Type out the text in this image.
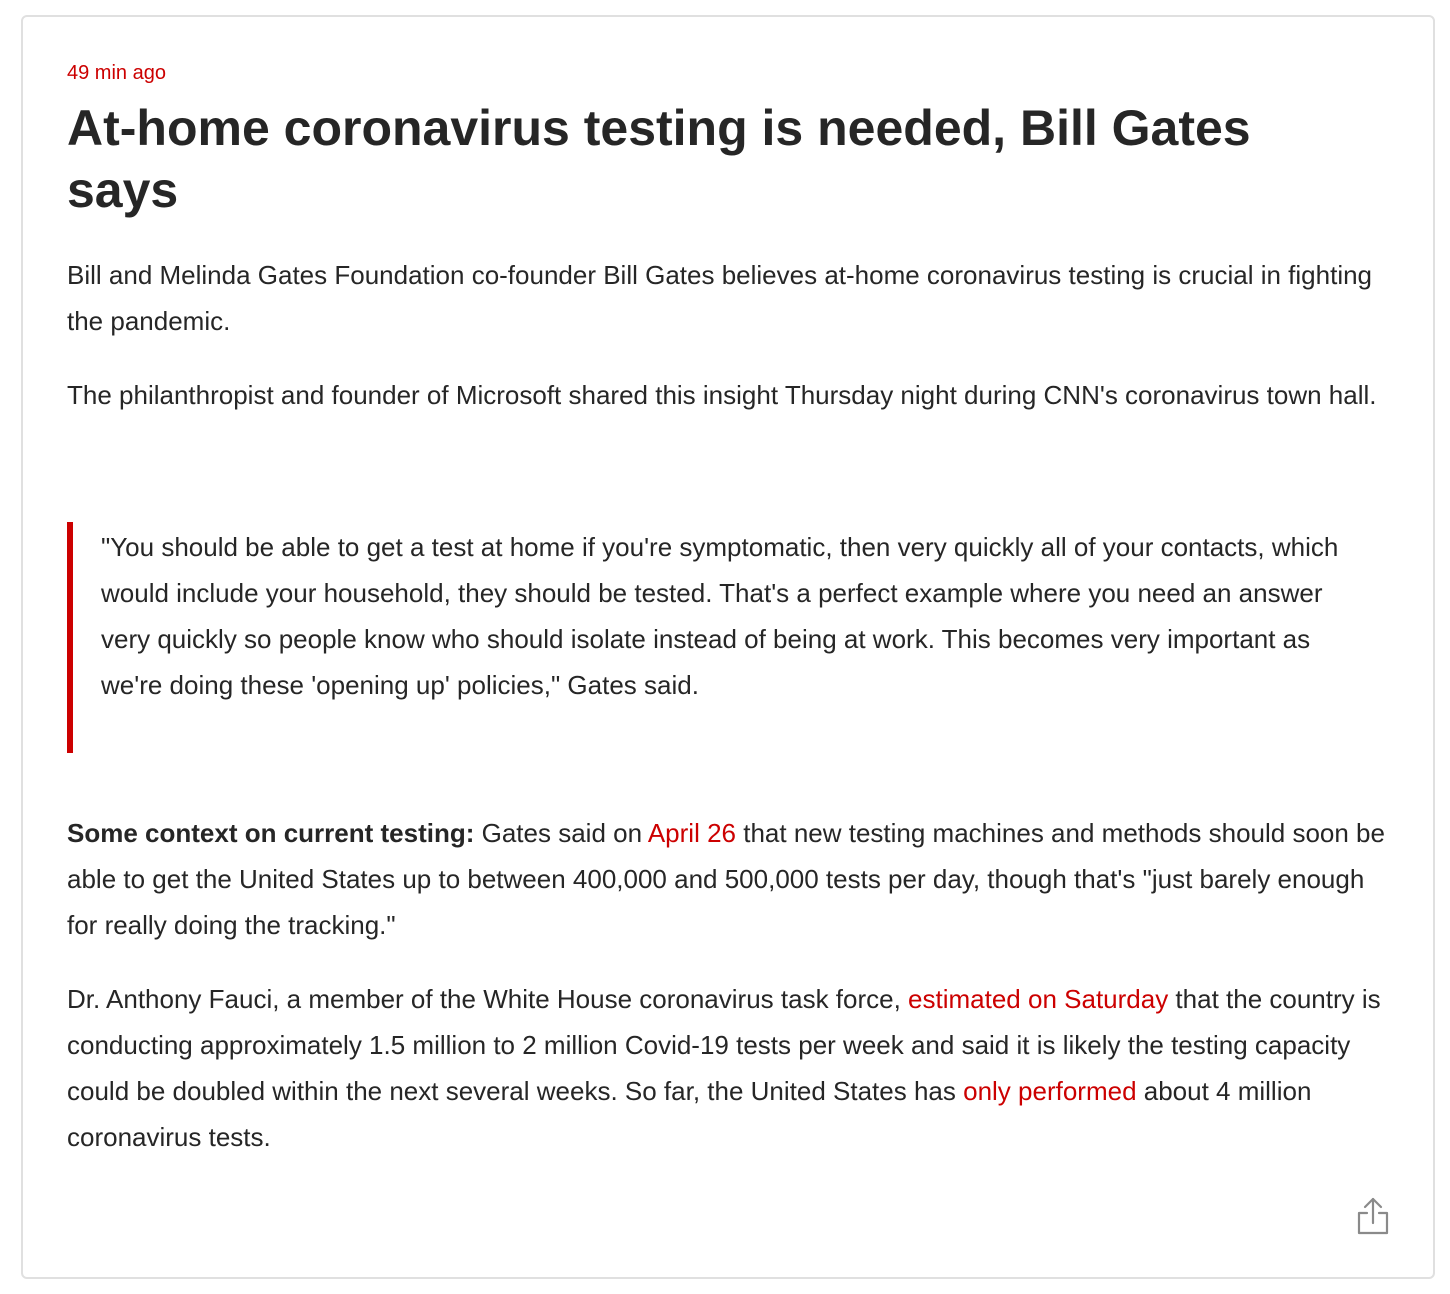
49 min ago

At-home coronavirus testing is needed, Bill Gates says

Bill and Melinda Gates Foundation co-founder Bill Gates believes at-home coronavirus testing is crucial in fighting the pandemic.

The philanthropist and founder of Microsoft shared this insight Thursday night during CNN's coronavirus town hall.

"You should be able to get a test at home if you're symptomatic, then very quickly all of your contacts, which would include your household, they should be tested. That's a perfect example where you need an answer very quickly so people know who should isolate instead of being at work. This becomes very important as we're doing these 'opening up' policies," Gates said.

Some context on current testing: Gates said on April 26 that new testing machines and methods should soon be able to get the United States up to between 400,000 and 500,000 tests per day, though that's "just barely enough for really doing the tracking."

Dr. Anthony Fauci, a member of the White House coronavirus task force, estimated on Saturday that the country is conducting approximately 1.5 million to 2 million Covid-19 tests per week and said it is likely the testing capacity could be doubled within the next several weeks. So far, the United States has only performed about 4 million coronavirus tests.
